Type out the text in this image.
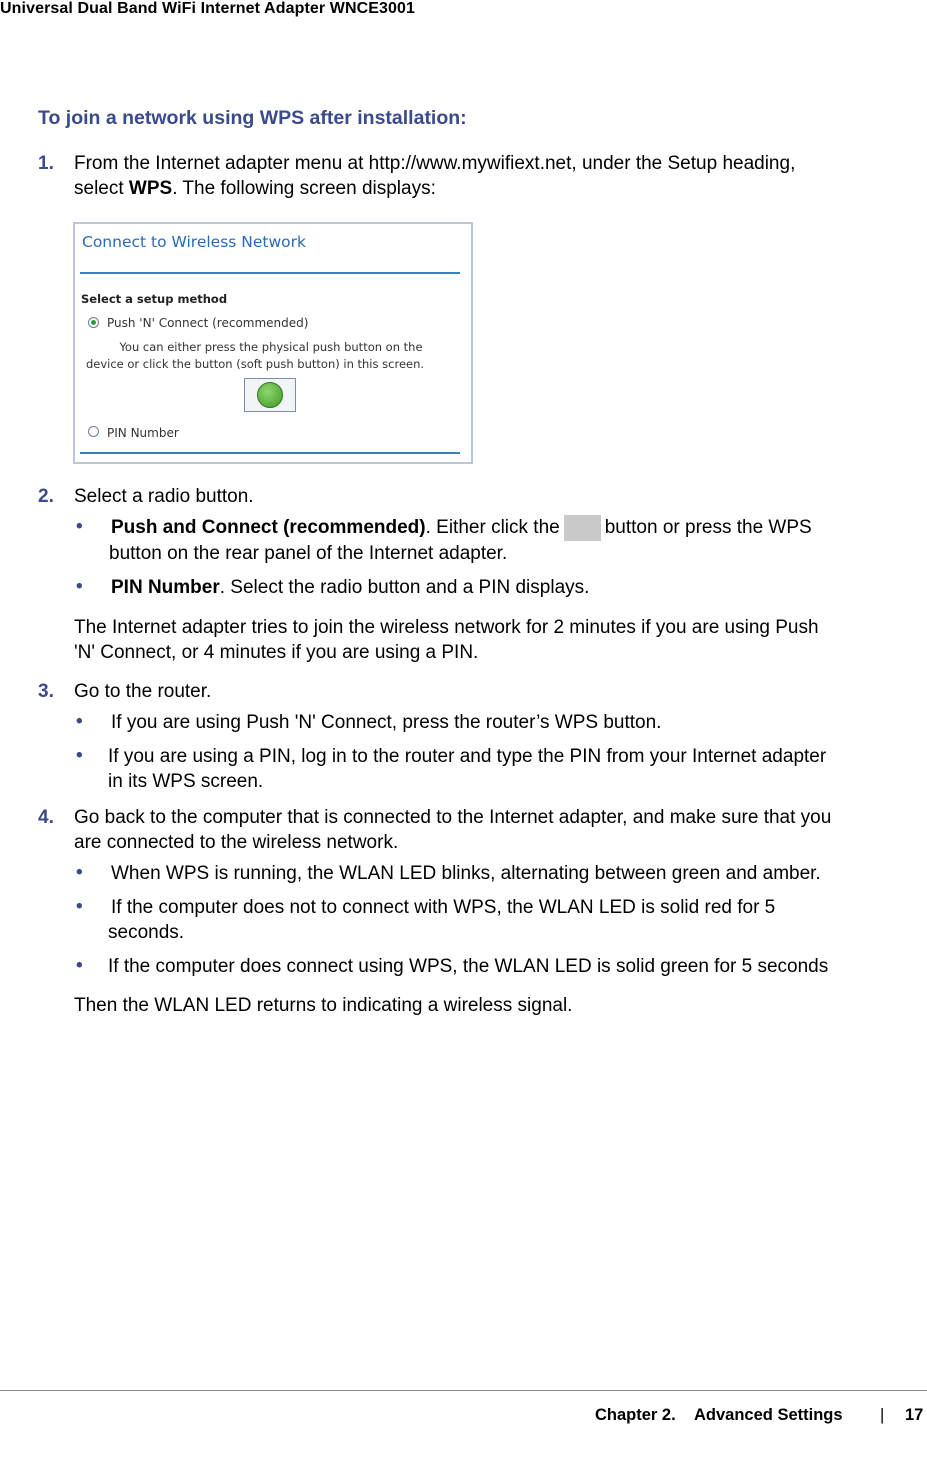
Universal Dual Band WiFi Internet Adapter WNCE3001
To join a network using WPS after installation:
1. From the Internet adapter menu at http://www.mywifiext.net, under the Setup heading,
select WPS. The following screen displays:
Connect to Wireless Network
Select a setup method
Push 'N' Connect (recommended)
You can either press the physical push button on the
device or click the button (soft push button) in this screen.
PIN Number
2. Select a radio button.
• Push and Connect (recommended). Either click the button or press the WPS
button on the rear panel of the Internet adapter.
• PIN Number. Select the radio button and a PIN displays.
The Internet adapter tries to join the wireless network for 2 minutes if you are using Push
'N' Connect, or 4 minutes if you are using a PIN.
3. Go to the router.
• If you are using Push 'N' Connect, press the router’s WPS button.
• If you are using a PIN, log in to the router and type the PIN from your Internet adapter
in its WPS screen.
4. Go back to the computer that is connected to the Internet adapter, and make sure that you
are connected to the wireless network.
• When WPS is running, the WLAN LED blinks, alternating between green and amber.
• If the computer does not to connect with WPS, the WLAN LED is solid red for 5
seconds.
• If the computer does connect using WPS, the WLAN LED is solid green for 5 seconds
Then the WLAN LED returns to indicating a wireless signal.
Chapter 2. Advanced Settings | 17
